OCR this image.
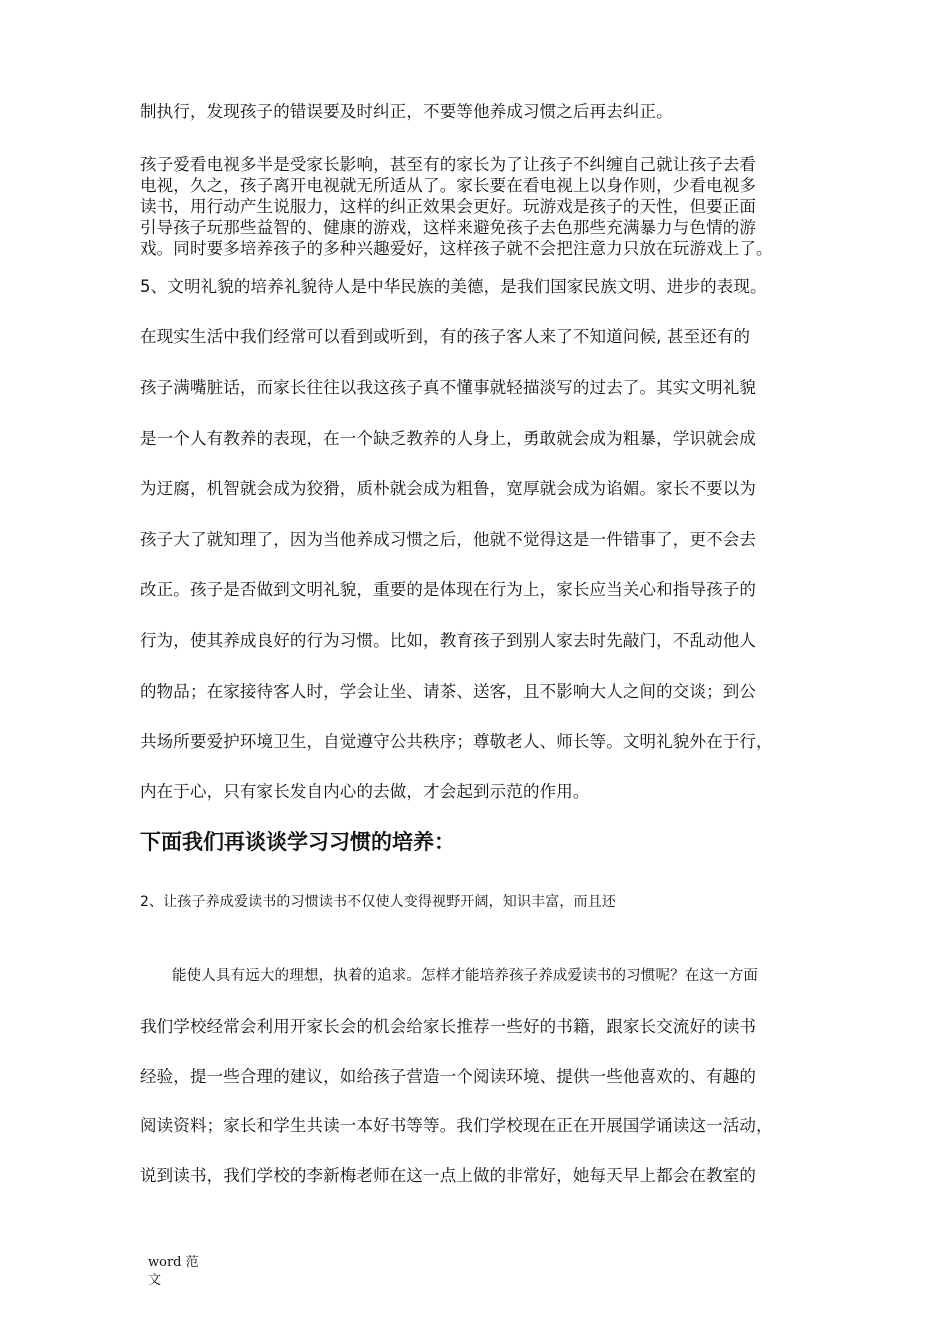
制执行，发现孩子的错误要及时纠正，不要等他养成习惯之后再去纠正。

孩子爱看电视多半是受家长影响，甚至有的家长为了让孩子不纠缠自己就让孩子去看

电视，久之，孩子离开电视就无所适从了。家长要在看电视上以身作则，少看电视多

读书，用行动产生说服力，这样的纠正效果会更好。玩游戏是孩子的天性，但要正面

引导孩子玩那些益智的、健康的游戏，这样来避免孩子去色那些充满暴力与色情的游

戏。同时要多培养孩子的多种兴趣爱好，这样孩子就不会把注意力只放在玩游戏上了。

5、文明礼貌的培养礼貌待人是中华民族的美德，是我们国家民族文明、进步的表现。

在现实生活中我们经常可以看到或听到，有的孩子客人来了不知道问候, 甚至还有的

孩子满嘴脏话，而家长往往以我这孩子真不懂事就轻描淡写的过去了。其实文明礼貌

是一个人有教养的表现，在一个缺乏教养的人身上，勇敢就会成为粗暴，学识就会成

为迂腐，机智就会成为狡猾，质朴就会成为粗鲁，宽厚就会成为谄媚。家长不要以为

孩子大了就知理了，因为当他养成习惯之后，他就不觉得这是一件错事了，更不会去

改正。孩子是否做到文明礼貌，重要的是体现在行为上，家长应当关心和指导孩子的

行为，使其养成良好的行为习惯。比如，教育孩子到别人家去时先敲门，不乱动他人

的物品；在家接待客人时，学会让坐、请茶、送客，且不影响大人之间的交谈；到公

共场所要爱护环境卫生，自觉遵守公共秩序；尊敬老人、师长等。文明礼貌外在于行，

内在于心，只有家长发自内心的去做，才会起到示范的作用。

下面我们再谈谈学习习惯的培养：

2、让孩子养成爱读书的习惯读书不仅使人变得视野开阔，知识丰富，而且还

能使人具有远大的理想，执着的追求。怎样才能培养孩子养成爱读书的习惯呢？在这一方面

我们学校经常会利用开家长会的机会给家长推荐一些好的书籍，跟家长交流好的读书

经验，提一些合理的建议，如给孩子营造一个阅读环境、提供一些他喜欢的、有趣的

阅读资料；家长和学生共读一本好书等等。我们学校现在正在开展国学诵读这一活动，

说到读书，我们学校的李新梅老师在这一点上做的非常好，她每天早上都会在教室的

word 范文
